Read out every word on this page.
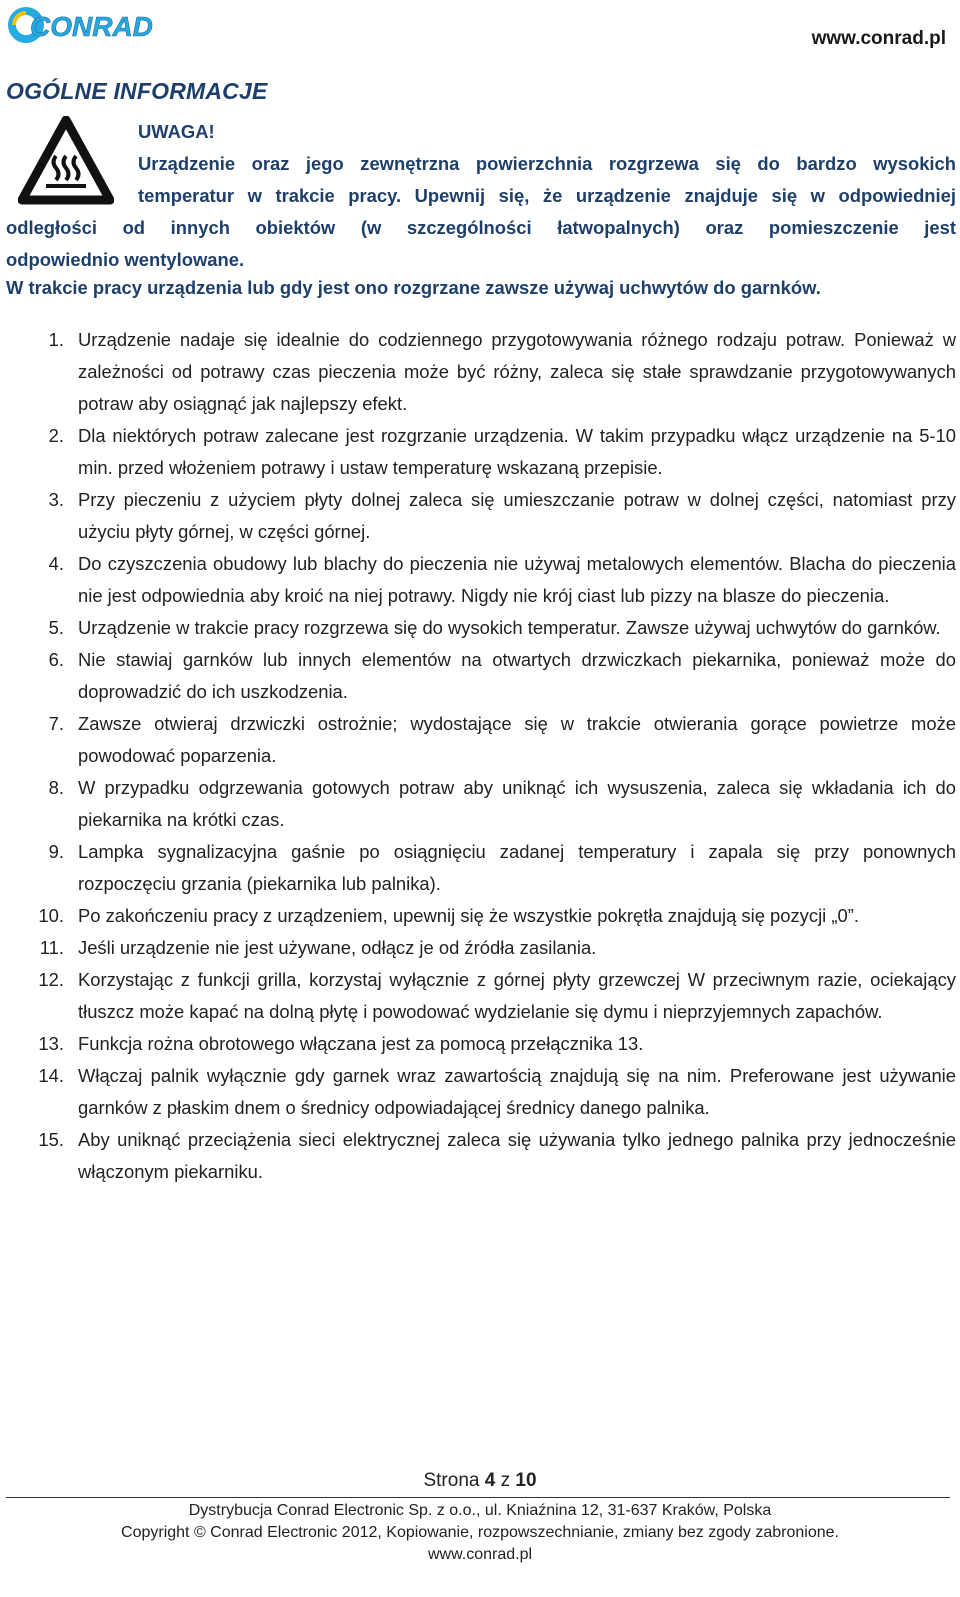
CONRAD	www.conrad.pl
OGÓLNE INFORMACJE
UWAGA!
Urządzenie oraz jego zewnętrzna powierzchnia rozgrzewa się do bardzo wysokich
temperatur w trakcie pracy. Upewnij się, że urządzenie znajduje się w odpowiedniej
odległości od innych obiektów (w szczególności łatwopalnych) oraz pomieszczenie jest
odpowiednio wentylowane.
W trakcie pracy urządzenia lub gdy jest ono rozgrzane zawsze używaj uchwytów do garnków.
1. Urządzenie nadaje się idealnie do codziennego przygotowywania różnego rodzaju potraw. Ponieważ w zależności od potrawy czas pieczenia może być różny, zaleca się stałe sprawdzanie przygotowywanych potraw aby osiągnąć jak najlepszy efekt.
2. Dla niektórych potraw zalecane jest rozgrzanie urządzenia. W takim przypadku włącz urządzenie na 5-10 min. przed włożeniem potrawy i ustaw temperaturę wskazaną przepisie.
3. Przy pieczeniu z użyciem płyty dolnej zaleca się umieszczanie potraw w dolnej części, natomiast przy użyciu płyty górnej, w części górnej.
4. Do czyszczenia obudowy lub blachy do pieczenia nie używaj metalowych elementów. Blacha do pieczenia nie jest odpowiednia aby kroić na niej potrawy. Nigdy nie krój ciast lub pizzy na blasze do pieczenia.
5. Urządzenie w trakcie pracy rozgrzewa się do wysokich temperatur. Zawsze używaj uchwytów do garnków.
6. Nie stawiaj garnków lub innych elementów na otwartych drzwiczkach piekarnika, ponieważ może do doprowadzić do ich uszkodzenia.
7. Zawsze otwieraj drzwiczki ostrożnie; wydostające się w trakcie otwierania gorące powietrze może powodować poparzenia.
8. W przypadku odgrzewania gotowych potraw aby uniknąć ich wysuszenia, zaleca się wkładania ich do piekarnika na krótki czas.
9. Lampka sygnalizacyjna gaśnie po osiągnięciu zadanej temperatury i zapala się przy ponownych rozpoczęciu grzania (piekarnika lub palnika).
10. Po zakończeniu pracy z urządzeniem, upewnij się że wszystkie pokrętła znajdują się pozycji „0”.
11. Jeśli urządzenie nie jest używane, odłącz je od źródła zasilania.
12. Korzystając z funkcji grilla, korzystaj wyłącznie z górnej płyty grzewczej W przeciwnym razie, ociekający tłuszcz może kapać na dolną płytę i powodować wydzielanie się dymu i nieprzyjemnych zapachów.
13. Funkcja rożna obrotowego włączana jest za pomocą przełącznika 13.
14. Włączaj palnik wyłącznie gdy garnek wraz zawartością znajdują się na nim. Preferowane jest używanie garnków z płaskim dnem o średnicy odpowiadającej średnicy danego palnika.
15. Aby uniknąć przeciążenia sieci elektrycznej zaleca się używania tylko jednego palnika przy jednocześnie włączonym piekarniku.
Strona 4 z 10
Dystrybucja Conrad Electronic Sp. z o.o., ul. Kniaźnina 12, 31-637 Kraków, Polska
Copyright © Conrad Electronic 2012, Kopiowanie, rozpowszechnianie, zmiany bez zgody zabronione.
www.conrad.pl
